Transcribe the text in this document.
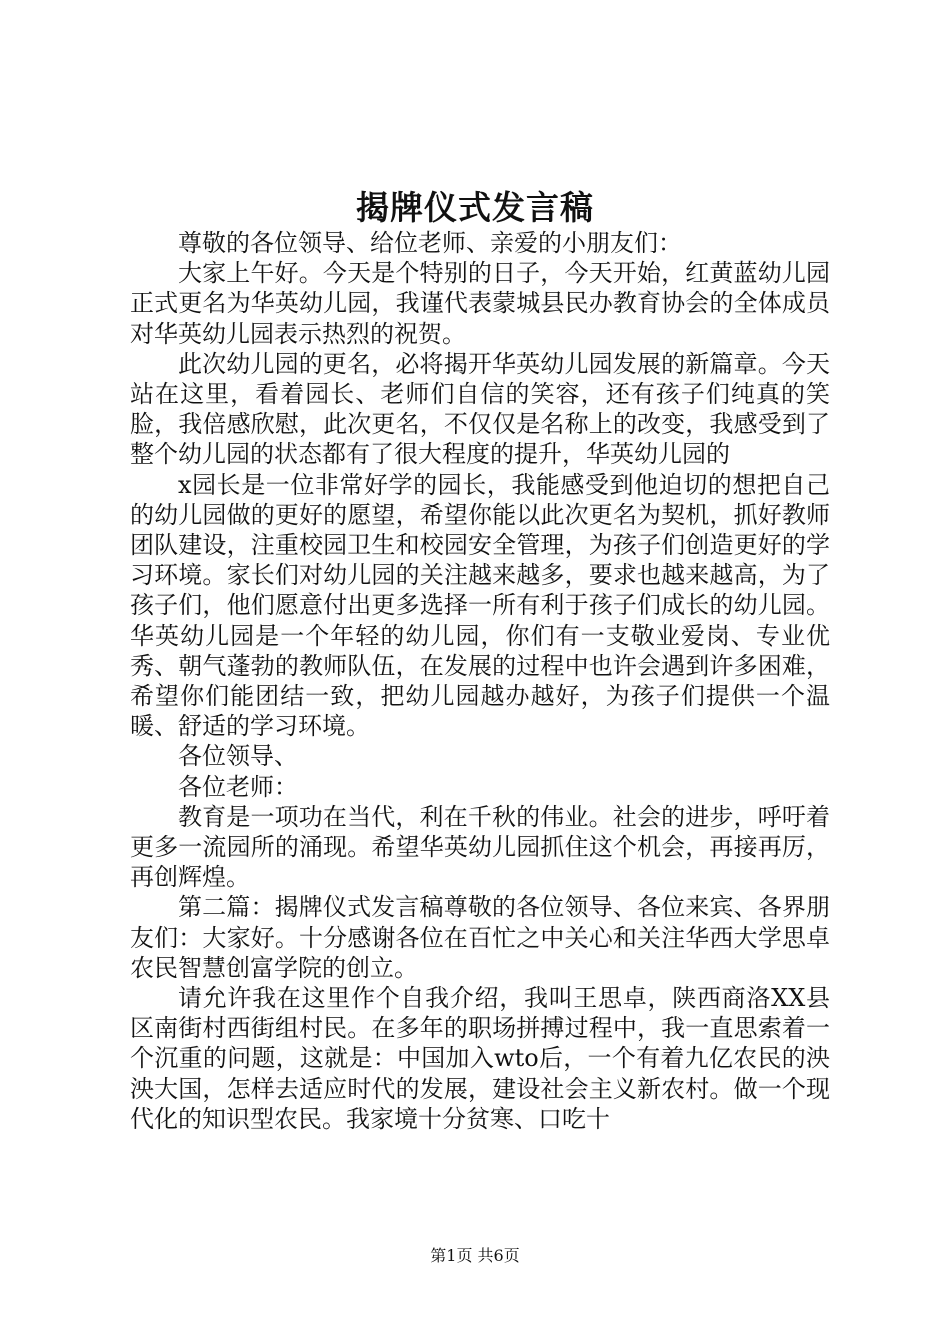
揭牌仪式发言稿

尊敬的各位领导、给位老师、亲爱的小朋友们：

大家上午好。今天是个特别的日子，今天开始，红黄蓝幼儿园正式更名为华英幼儿园，我谨代表蒙城县民办教育协会的全体成员对华英幼儿园表示热烈的祝贺。

此次幼儿园的更名，必将揭开华英幼儿园发展的新篇章。今天站在这里，看着园长、老师们自信的笑容，还有孩子们纯真的笑脸，我倍感欣慰，此次更名，不仅仅是名称上的改变，我感受到了整个幼儿园的状态都有了很大程度的提升，华英幼儿园的

x园长是一位非常好学的园长，我能感受到他迫切的想把自己的幼儿园做的更好的愿望，希望你能以此次更名为契机，抓好教师团队建设，注重校园卫生和校园安全管理，为孩子们创造更好的学习环境。家长们对幼儿园的关注越来越多，要求也越来越高，为了孩子们，他们愿意付出更多选择一所有利于孩子们成长的幼儿园。华英幼儿园是一个年轻的幼儿园，你们有一支敬业爱岗、专业优秀、朝气蓬勃的教师队伍，在发展的过程中也许会遇到许多困难，希望你们能团结一致，把幼儿园越办越好，为孩子们提供一个温暖、舒适的学习环境。

各位领导、

各位老师：

教育是一项功在当代，利在千秋的伟业。社会的进步，呼吁着更多一流园所的涌现。希望华英幼儿园抓住这个机会，再接再厉，再创辉煌。

第二篇：揭牌仪式发言稿尊敬的各位领导、各位来宾、各界朋友们：大家好。十分感谢各位在百忙之中关心和关注华西大学思卓农民智慧创富学院的创立。

请允许我在这里作个自我介绍，我叫王思卓，陕西商洛XX县区南街村西街组村民。在多年的职场拼搏过程中，我一直思索着一个沉重的问题，这就是：中国加入wto后，一个有着九亿农民的泱泱大国，怎样去适应时代的发展，建设社会主义新农村。做一个现代化的知识型农民。我家境十分贫寒、口吃十

第1页 共6页
